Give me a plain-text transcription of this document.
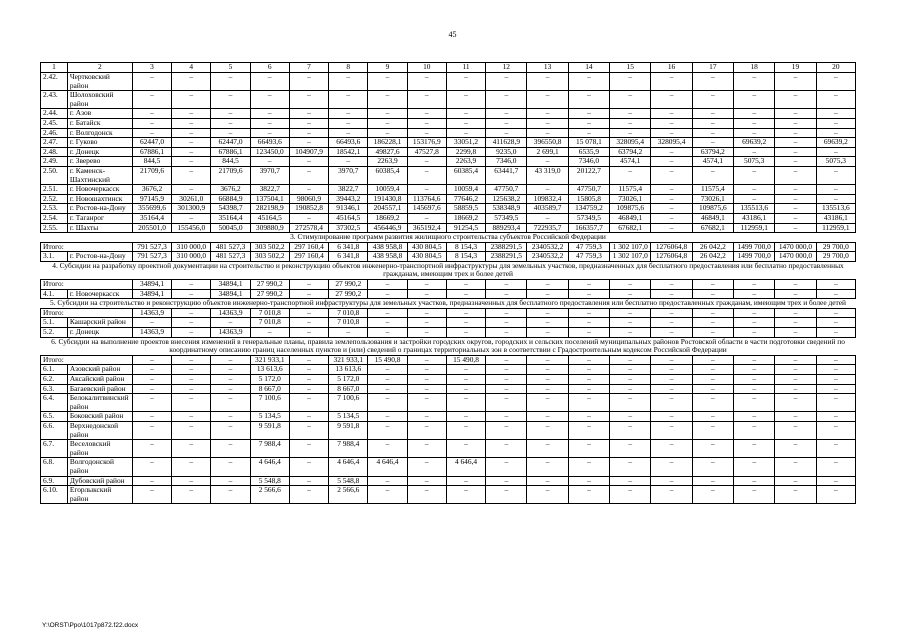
45
1	2	3	4	5	6	7	8	9	10	11	12	13	14	15	16	17	18	19	20
2.42.	Чертковский район	–	–	–	–	–	–	–	–	–	–	–	–	–	–	–	–	–	–
2.43.	Шолоховский район	–	–	–	–	–	–	–	–	–	–	–	–	–	–	–	–	–	–
2.44.	г. Азов	–	–	–	–	–	–	–	–	–	–	–	–	–	–	–	–	–	–
2.45.	г. Батайск	–	–	–	–	–	–	–	–	–	–	–	–	–	–	–	–	–	–
2.46.	г. Волгодонск	–	–	–	–	–	–	–	–	–	–	–	–	–	–	–	–	–	–
2.47.	г. Гуково	62447,0	–	62447,0	66493,6	–	66493,6	186228,1	153176,9	33051,2	411628,9	396550,8	15 078,1	328095,4	328095,4	–	69639,2	–	69639,2
2.48.	г. Донецк	67886,1	–	67886,1	123450,0	104907,9	18542,1	49827,6	47527,8	2299,8	9235,0	2 699,1	6535,9	63794,2	–	63794,2	–	–	–
2.49.	г. Зверево	844,5	–	844,5	–	–	–	2263,9	–	2263,9	7346,0	–	7346,0	4574,1	–	4574,1	5075,3	–	5075,3
2.50.	г. Каменск-Шахтинский	21709,6	–	21709,6	3970,7	–	3970,7	60385,4	–	60385,4	63441,7	43 319,0	20122,7	–	–	–	–	–	–
2.51.	г. Новочеркасск	3676,2	–	3676,2	3822,7	–	3822,7	10059,4	–	10059,4	47750,7	–	47750,7	11575,4	–	11575,4	–	–	–
2.52.	г. Новошахтинск	97145,9	30261,0	66884,9	137504,1	98060,9	39443,2	191430,8	113764,6	77646,2	125638,2	109832,4	15805,8	73026,1	–	73026,1	–	–	–
2.53.	г. Ростов-на-Дону	355699,6	301300,9	54398,7	282198,9	190852,8	91346,1	204557,1	145697,6	58859,5	538348,9	403589,7	134759,2	109875,6	–	109875,6	135513,6	–	135513,6
2.54.	г. Таганрог	35164,4	–	35164,4	45164,5	–	45164,5	18669,2	–	18669,2	57349,5	–	57349,5	46849,1	–	46849,1	43186,1	–	43186,1
2.55.	г. Шахты	205501,0	155456,0	50045,0	309880,9	272578,4	37302,5	456446,9	365192,4	91254,5	889293,4	722935,7	166357,7	67682,1	–	67682,1	112959,1	–	112959,1
3. Стимулирование программ развития жилищного строительства субъектов Российской Федерации																			
Итого:		791 527,3	310 000,0	481 527,3	303 502,2	297 160,4	6 341,8	438 958,8	430 804,5	8 154,3	2388291,5	2340532,2	47 759,3	1 302 107,0	1276064,8	26 042,2	1499 700,0	1470 000,0	29 700,0
3.1.	г. Ростов-на-Дону	791 527,3	310 000,0	481 527,3	303 502,2	297 160,4	6 341,8	438 958,8	430 804,5	8 154,3	2388291,5	2340532,2	47 759,3	1 302 107,0	1276064,8	26 042,2	1499 700,0	1470 000,0	29 700,0
4. Субсидии на разработку проектной документации на строительство и реконструкцию объектов инженерно-транспортной инфраструктуры для земельных участков, предназначенных для бесплатного предоставления или бесплатно предоставленных гражданам, имеющим трех и более детей																			
Итого:		34894,1	–	34894,1	27 990,2	–	27 990,2	–	–	–	–	–	–	–	–	–	–	–	–
4.1.	г. Новочеркасск	34894,1	–	34894,1	27 990,2	–	27 990,2	–	–	–	–	–	–	–	–	–	–	–	–
5. Субсидии на строительство и реконструкцию объектов инженерно-транспортной инфраструктуры для земельных участков, предназначенных для бесплатного предоставления или бесплатно предоставленных гражданам, имеющим трех и более детей																			
Итого:		14363,9	–	14363,9	7 010,8	–	7 010,8	–	–	–	–	–	–	–	–	–	–	–	–
5.1.	Кашарский район	–	–	–	7 010,8	–	7 010,8	–	–	–	–	–	–	–	–	–	–	–	–
5.2.	г. Донецк	14363,9	–	14363,9	–	–	–	–	–	–	–	–	–	–	–	–	–	–	–
6. Субсидии на выполнение проектов внесения изменений в генеральные планы, правила землепользования и застройки городских округов, городских и сельских поселений муниципальных районов Ростовской области в части подготовки сведений по координатному описанию границ населенных пунктов и (или) сведений о границах территориальных зон в соответствии с Градостроительным кодексом Российской Федерации																			
Итого:		–	–	–	321 933,1	–	321 933,1	15 490,8	–	15 490,8	–	–	–	–	–	–	–	–	–
6.1.	Азовский район	–	–	–	13 613,6	–	13 613,6	–	–	–	–	–	–	–	–	–	–	–	–
6.2.	Аксайский район	–	–	–	5 172,0	–	5 172,0	–	–	–	–	–	–	–	–	–	–	–	–
6.3.	Багаевский район	–	–	–	8 667,0	–	8 667,0	–	–	–	–	–	–	–	–	–	–	–	–
6.4.	Белокалитвинский район	–	–	–	7 100,6	–	7 100,6	–	–	–	–	–	–	–	–	–	–	–	–
6.5.	Боковский район	–	–	–	5 134,5	–	5 134,5	–	–	–	–	–	–	–	–	–	–	–	–
6.6.	Верхнедонской район	–	–	–	9 591,8	–	9 591,8	–	–	–	–	–	–	–	–	–	–	–	–
6.7.	Веселовский район	–	–	–	7 988,4	–	7 988,4	–	–	–	–	–	–	–	–	–	–	–	–
6.8.	Волгодонской район	–	–	–	4 646,4	–	4 646,4	4 646,4	–	4 646,4	–	–	–	–	–	–	–	–	–
6.9.	Дубовский район	–	–	–	5 548,8	–	5 548,8	–	–	–	–	–	–	–	–	–	–	–	–
6.10.	Егорлыкский район	–	–	–	2 566,6	–	2 566,6	–	–	–	–	–	–	–	–	–	–	–	–
Y:\ORST\Ppo\1017p872.f22.docx
